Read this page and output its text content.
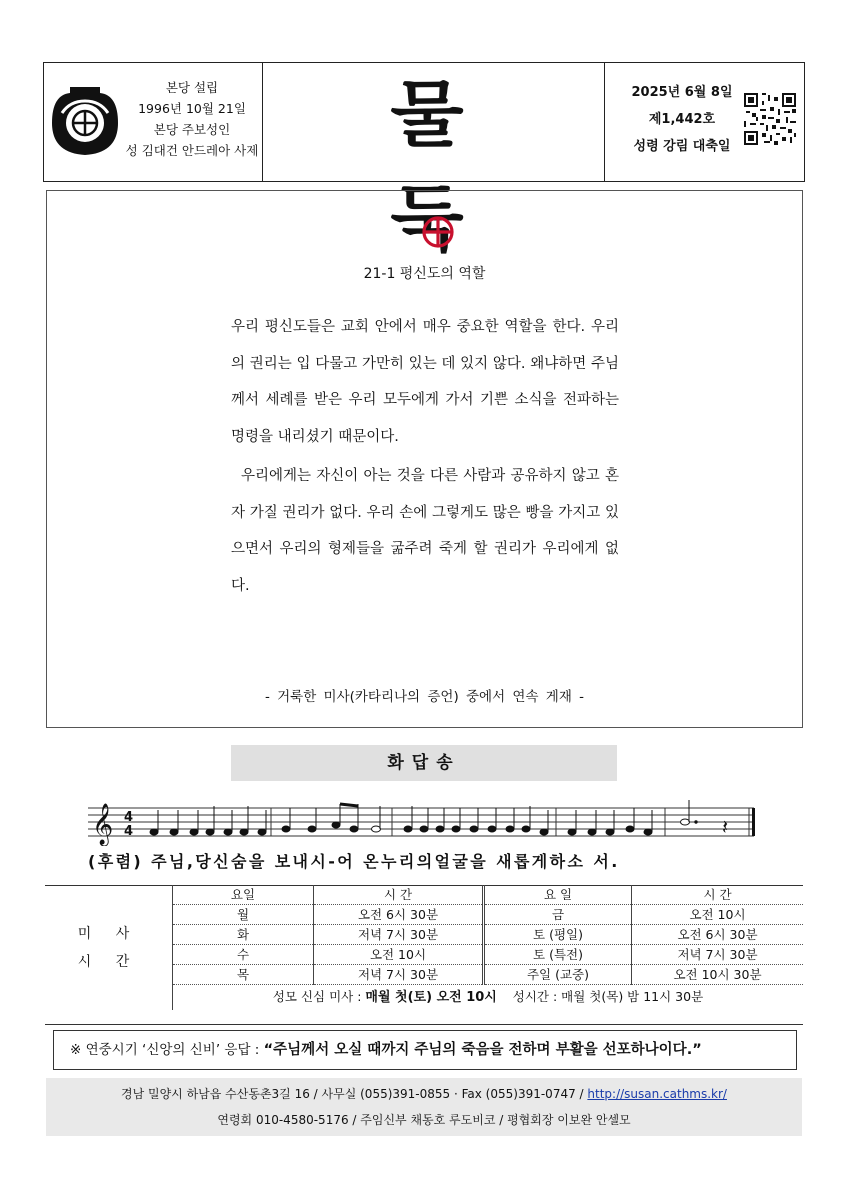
본당 설립
1996년 10월 21일
본당 주보성인
성 김대건 안드레아 사제	물 둑
2025년 6월 8일
제1,442호
성령 강림 대축일
21-1 평신도의 역할

우리 평신도들은 교회 안에서 매우 중요한 역할을 한다. 우리의 권리는 입 다물고 가만히 있는 데 있지 않다. 왜냐하면 주님께서 세례를 받은 우리 모두에게 가서 기쁜 소식을 전파하는 명령을 내리셨기 때문이다.

우리에게는 자신이 아는 것을 다른 사람과 공유하지 않고 혼자 가질 권리가 없다. 우리 손에 그렇게도 많은 빵을 가지고 있으면서 우리의 형제들을 굶주려 죽게 할 권리가 우리에게 없다.

- 거룩한 미사(카타리나의 증언) 중에서 연속 게재 -
화답송
𝄞 4
4	𝄽
(후렴) 주님,당신숨을 보내시-어 온누리의얼굴을 새롭게하소 서.
미 사
시 간	요일	시 간	요 일	시 간
	월	오전 6시 30분	금	오전 10시
	화	저녁 7시 30분	토 (평일)	오전 6시 30분
	수	오전 10시	토 (특전)	저녁 7시 30분
	목	저녁 7시 30분	주일 (교중)	오전 10시 30분
	성모 신심 미사 : 매월 첫(토) 오전 10시 성시간 : 매월 첫(목) 밤 11시 30분			
※ 연중시기 ‘신앙의 신비’ 응답 : “주님께서 오실 때까지 주님의 죽음을 전하며 부활을 선포하나이다.”
경남 밀양시 하남읍 수산동촌3길 16 / 사무실 (055)391-0855 · Fax (055)391-0747 / http://susan.cathms.kr/
연령회 010-4580-5176 / 주임신부 채동호 루도비코 / 평협회장 이보완 안셀모
